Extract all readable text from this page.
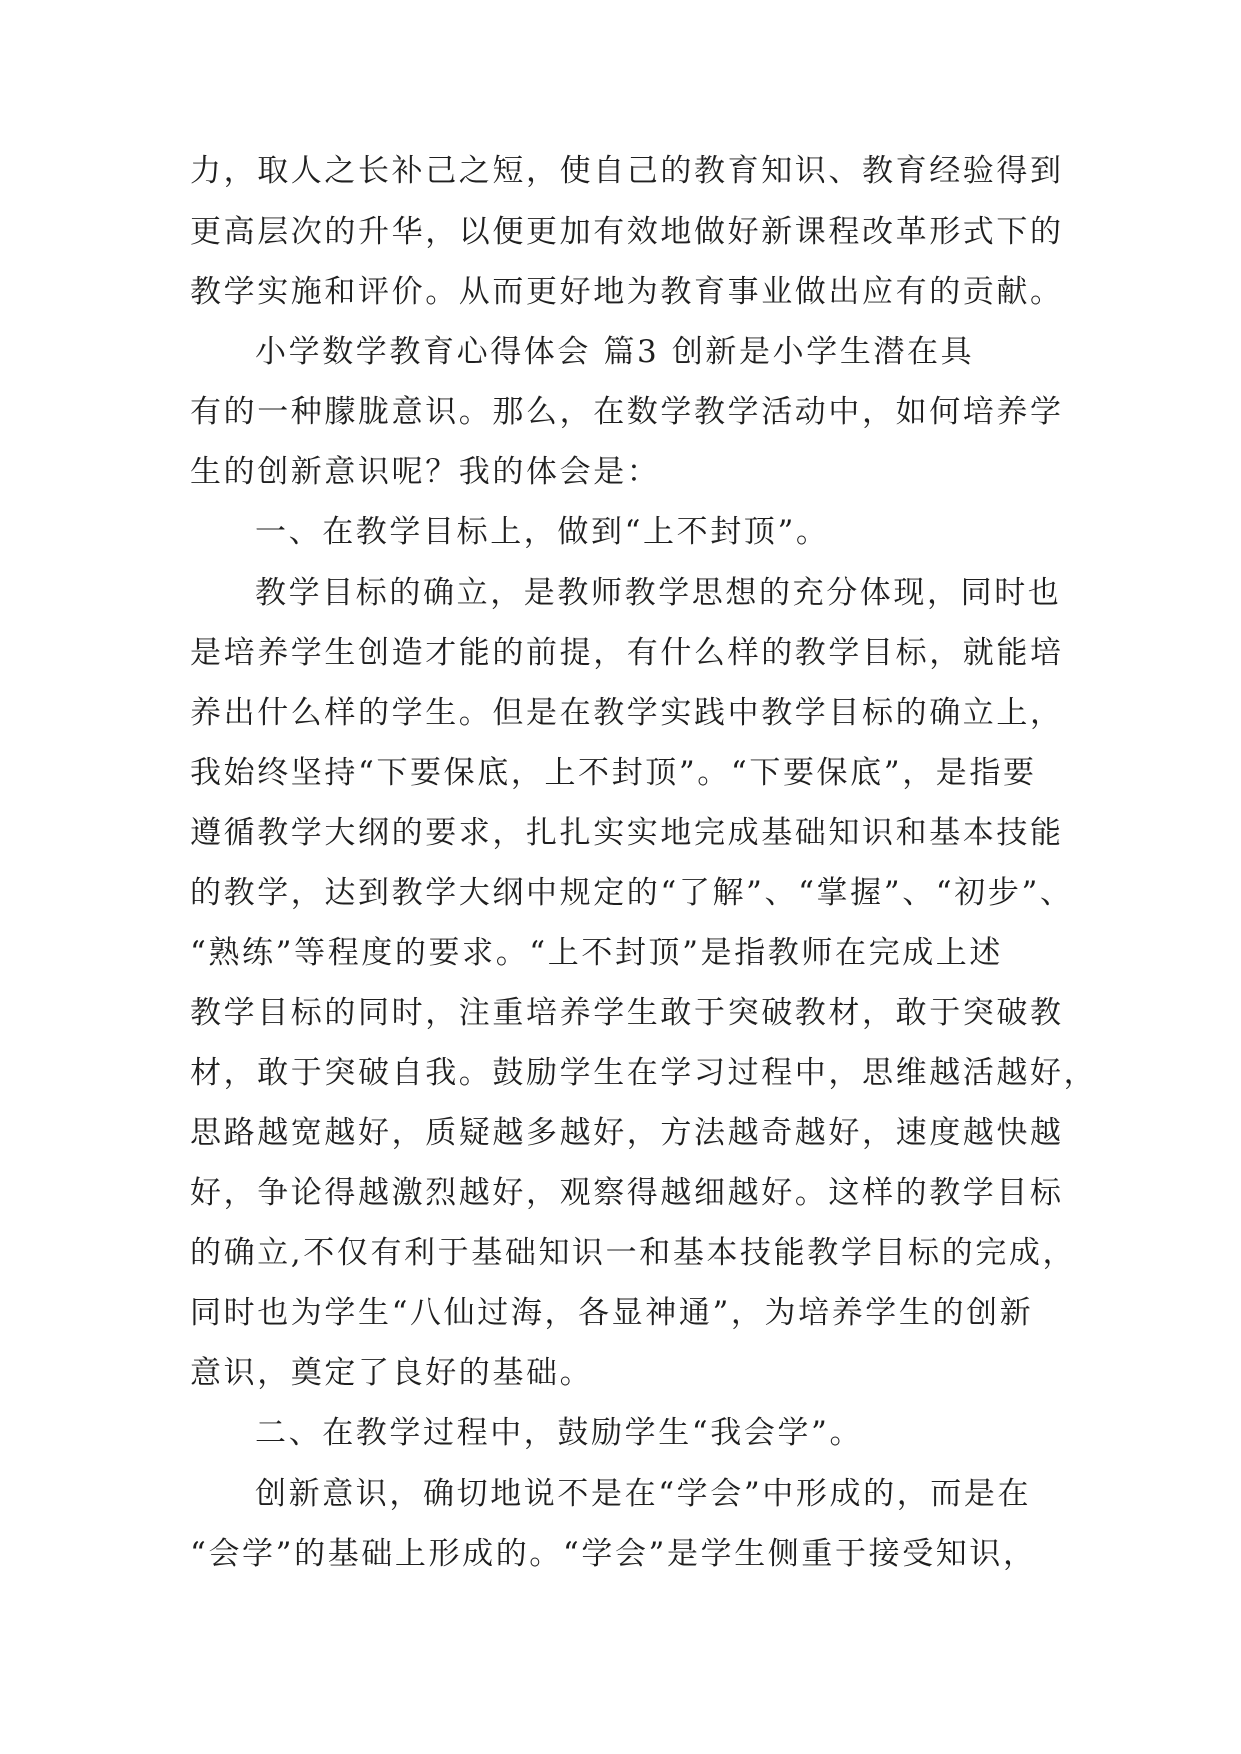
力，取人之长补己之短，使自己的教育知识、教育经验得到

更高层次的升华，以便更加有效地做好新课程改革形式下的

教学实施和评价。从而更好地为教育事业做出应有的贡献。

小学数学教育心得体会 篇3 创新是小学生潜在具

有的一种朦胧意识。那么，在数学教学活动中，如何培养学

生的创新意识呢？我的体会是：

一、在教学目标上，做到“上不封顶”。

教学目标的确立，是教师教学思想的充分体现，同时也

是培养学生创造才能的前提，有什么样的教学目标，就能培

养出什么样的学生。但是在教学实践中教学目标的确立上，

我始终坚持“下要保底，上不封顶”。“下要保底”，是指要

遵循教学大纲的要求，扎扎实实地完成基础知识和基本技能

的教学，达到教学大纲中规定的“了解”、“掌握”、“初步”、

“熟练”等程度的要求。“上不封顶”是指教师在完成上述

教学目标的同时，注重培养学生敢于突破教材，敢于突破教

材，敢于突破自我。鼓励学生在学习过程中，思维越活越好，

思路越宽越好，质疑越多越好，方法越奇越好，速度越快越

好，争论得越激烈越好，观察得越细越好。这样的教学目标

的确立,不仅有利于基础知识一和基本技能教学目标的完成，

同时也为学生“八仙过海，各显神通”，为培养学生的创新

意识，奠定了良好的基础。

二、在教学过程中，鼓励学生“我会学”。

创新意识，确切地说不是在“学会”中形成的，而是在

“会学”的基础上形成的。“学会”是学生侧重于接受知识，
